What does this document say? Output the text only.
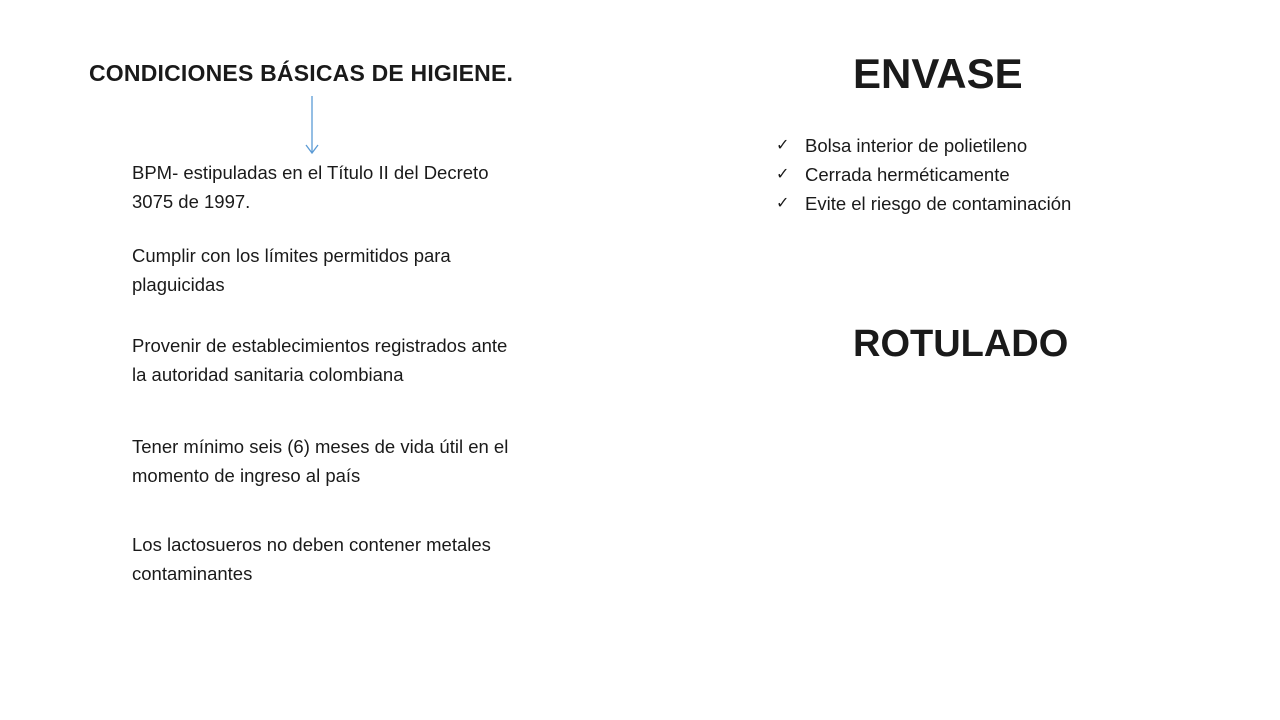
CONDICIONES BÁSICAS DE HIGIENE.
BPM- estipuladas en el Título II del Decreto 3075 de 1997.
Cumplir con los límites permitidos para plaguicidas
Provenir de establecimientos registrados ante la autoridad sanitaria colombiana
Tener mínimo seis (6) meses de vida útil en el momento de ingreso al país
Los lactosueros no deben contener metales contaminantes
ENVASE
✓ Bolsa interior de polietileno
✓ Cerrada herméticamente
✓ Evite el riesgo de contaminación
ROTULADO
